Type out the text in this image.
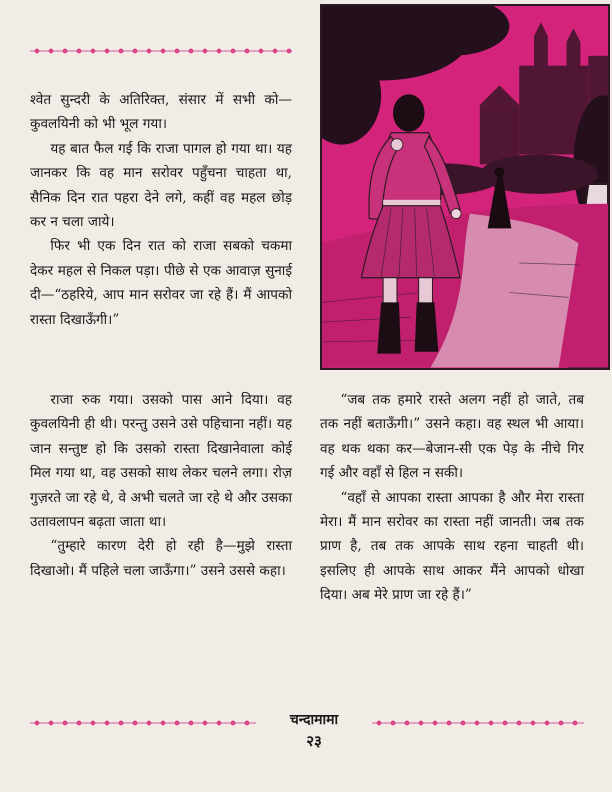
श्वेत सुन्दरी के अतिरिक्त, संसार में सभी को—कुवलयिनी को भी भूल गया।

यह बात फैल गई कि राजा पागल हो गया था। यह जानकर कि वह मान सरोवर पहुँचना चाहता था, सैनिक दिन रात पहरा देने लगे, कहीं वह महल छोड़ कर न चला जाये।

फिर भी एक दिन रात को राजा सबको चकमा देकर महल से निकल पड़ा। पीछे से एक आवाज़ सुनाई दी—“ठहरिये, आप मान सरोवर जा रहे हैं। मैं आपको रास्ता दिखाऊँगी।”

राजा रुक गया। उसको पास आने दिया। वह कुवलयिनी ही थी। परन्तु उसने उसे पहिचाना नहीं। यह जान सन्तुष्ट हो कि उसको रास्ता दिखानेवाला कोई मिल गया था, वह उसको साथ लेकर चलने लगा। रोज़ गुज़रते जा रहे थे, वे अभी चलते जा रहे थे और उसका उतावलापन बढ़ता जाता था।

“तुम्हारे कारण देरी हो रही है—मुझे रास्ता दिखाओ। मैं पहिले चला जाऊँगा।” उसने उससे कहा।

“जब तक हमारे रास्ते अलग नहीं हो जाते, तब तक नहीं बताऊँगी।” उसने कहा। वह स्थल भी आया। वह थक थका कर—बेजान-सी एक पेड़ के नीचे गिर गई और वहाँ से हिल न सकी।

“वहाँ से आपका रास्ता आपका है और मेरा रास्ता मेरा। मैं मान सरोवर का रास्ता नहीं जानती। जब तक प्राण है, तब तक आपके साथ रहना चाहती थी। इसलिए ही आपके साथ आकर मैंने आपको धोखा दिया। अब मेरे प्राण जा रहे हैं।”

चन्दामामा
२३
